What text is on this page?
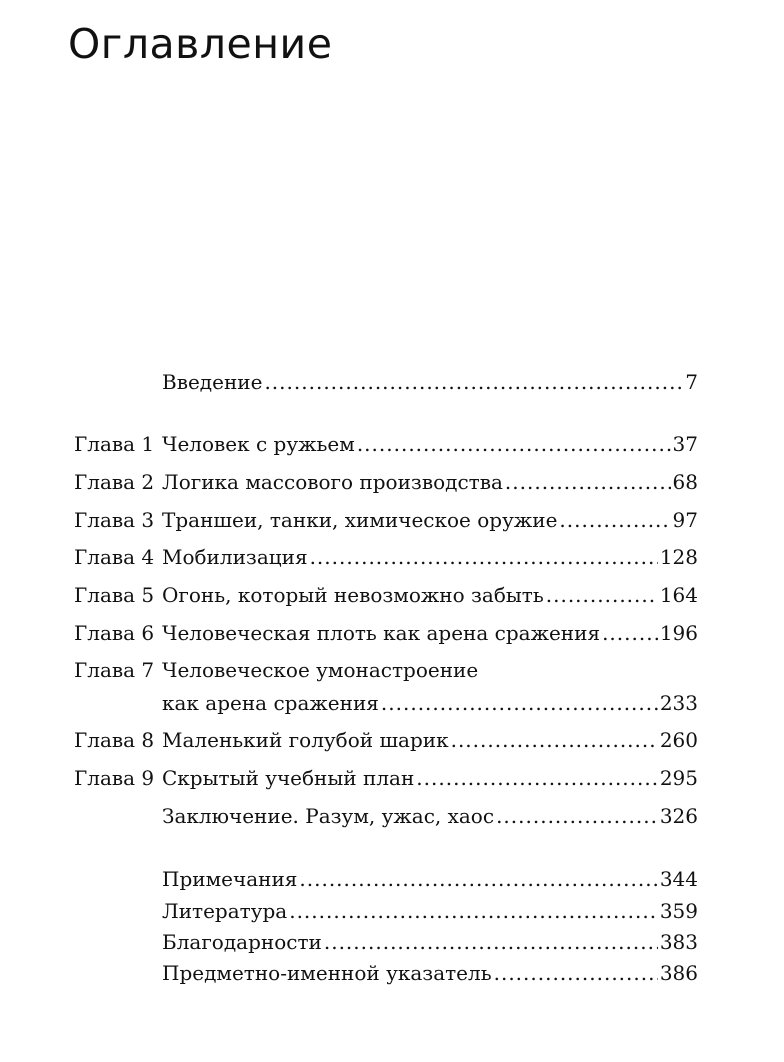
Оглавление
Введение .....	7
Глава 1 Человек с ружьем .....	37
Глава 2 Логика массового производства .....	68
Глава 3 Траншеи, танки, химическое оружие .....	97
Глава 4 Мобилизация .....	128
Глава 5 Огонь, который невозможно забыть .....	164
Глава 6 Человеческая плоть как арена сражения .....	196
Глава 7 Человеческое умонастроение
как арена сражения .....	233
Глава 8 Маленький голубой шарик .....	260
Глава 9 Скрытый учебный план .....	295
Заключение. Разум, ужас, хаос .....	326
Примечания .....	344
Литература .....	359
Благодарности .....	383
Предметно-именной указатель .....	386
